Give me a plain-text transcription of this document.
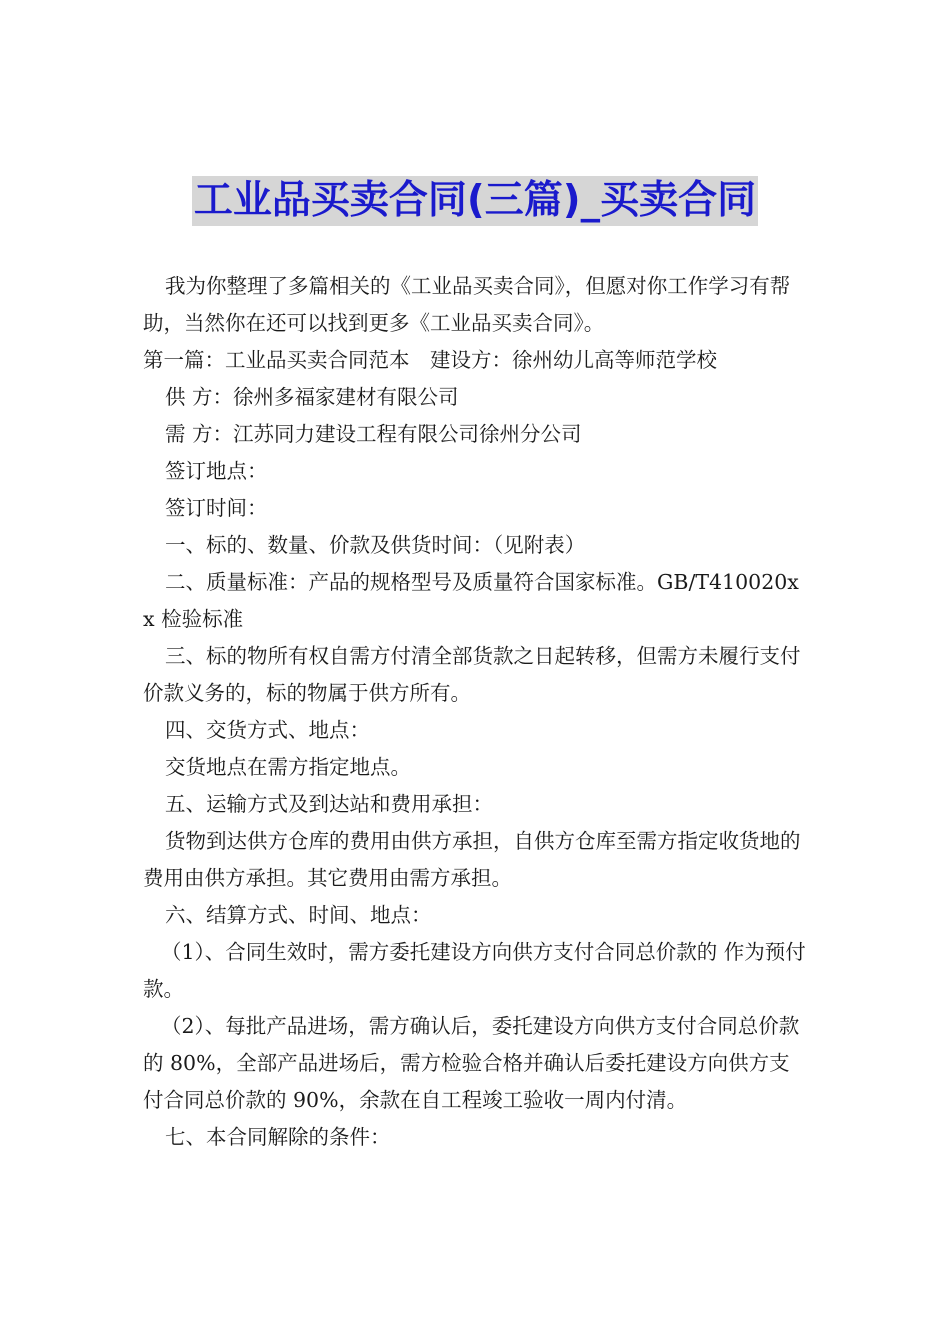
工业品买卖合同(三篇)_买卖合同

我为你整理了多篇相关的《工业品买卖合同》，但愿对你工作学习有帮助，当然你在还可以找到更多《工业品买卖合同》。

第一篇：工业品买卖合同范本　建设方：徐州幼儿高等师范学校

供 方：徐州多福家建材有限公司

需 方：江苏同力建设工程有限公司徐州分公司

签订地点：

签订时间：

一、标的、数量、价款及供货时间：（见附表）

二、质量标准：产品的规格型号及质量符合国家标准。GB/T410020xx 检验标准

三、标的物所有权自需方付清全部货款之日起转移，但需方未履行支付价款义务的，标的物属于供方所有。

四、交货方式、地点：

交货地点在需方指定地点。

五、运输方式及到达站和费用承担：

货物到达供方仓库的费用由供方承担，自供方仓库至需方指定收货地的费用由供方承担。其它费用由需方承担。

六、结算方式、时间、地点：

（1）、合同生效时，需方委托建设方向供方支付合同总价款的 作为预付款。

（2）、每批产品进场，需方确认后，委托建设方向供方支付合同总价款的 80%，全部产品进场后，需方检验合格并确认后委托建设方向供方支付合同总价款的 90%，余款在自工程竣工验收一周内付清。

七、本合同解除的条件：
